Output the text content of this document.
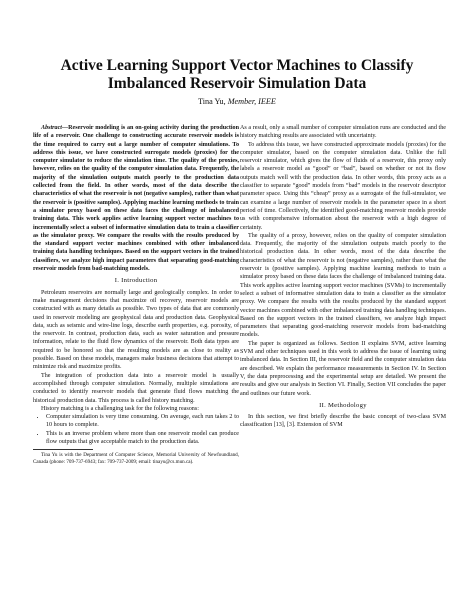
Active Learning Support Vector Machines to Classify Imbalanced Reservoir Simulation Data
Tina Yu, Member, IEEE

Abstract—Reservoir modeling is an on-going activity during the production life of a reservoir. One challenge to constructing accurate reservoir models is the time required to carry out a large number of computer simulations. To address this issue, we have constructed surrogate models (proxies) for the computer simulator to reduce the simulation time. The quality of the proxies, however, relies on the quality of the computer simulation data. Frequently, the majority of the simulation outputs match poorly to the production data collected from the field. In other words, most of the data describe the characteristics of what the reservoir is not (negative samples), rather than what the reservoir is (positive samples). Applying machine learning methods to train a simulator proxy based on these data faces the challenge of imbalanced training data. This work applies active learning support vector machines to incrementally select a subset of informative simulation data to train a classifier as the simulator proxy. We compare the results with the results produced by the standard support vector machines combined with other imbalanced training data handling techniques. Based on the support vectors in the trained classifiers, we analyze high impact parameters that separating good-matching reservoir models from bad-matching models.

I. Introduction

Petroleum reservoirs are normally large and geologically complex. In order to make management decisions that maximize oil recovery, reservoir models are constructed with as many details as possible. Two types of data that are commonly used in reservoir modeling are geophysical data and production data. Geophysical data, such as seismic and wire-line logs, describe earth properties, e.g. porosity, of the reservoir. In contrast, production data, such as water saturation and pressure information, relate to the fluid flow dynamics of the reservoir. Both data types are required to be honored so that the resulting models are as close to reality as possible. Based on these models, managers make business decisions that attempt to minimize risk and maximize profits.

The integration of production data into a reservoir model is usually accomplished through computer simulation. Normally, multiple simulations are conducted to identify reservoir models that generate fluid flows matching the historical production data. This process is called history matching.

History matching is a challenging task for the following reasons:

• Computer simulation is very time consuming. On average, each run takes 2 to 10 hours to complete.
• This is an inverse problem where more than one reservoir model can produce flow outputs that give acceptable match to the production data.

Tina Yu is with the Department of Computer Science, Memorial University of Newfoundland, Canada (phone: 709-737-6943; fax: 709-737-2009; email: tinayu@cs.mun.ca).

As a result, only a small number of computer simulation runs are conducted and the history matching results are associated with uncertainty.

To address this issue, we have constructed approximate models (proxies) for the computer simulator, based on the computer simulation data. Unlike the full reservoir simulator, which gives the flow of fluids of a reservoir, this proxy only labels a reservoir model as “good” or “bad”, based on whether or not its flow outputs match well with the production data. In other words, this proxy acts as a classifier to separate “good” models from “bad” models in the reservoir descriptor parameter space. Using this “cheap” proxy as a surrogate of the full-simulator, we can examine a large number of reservoir models in the parameter space in a short period of time. Collectively, the identified good-matching reservoir models provide us with comprehensive information about the reservoir with a high degree of certainty.

The quality of a proxy, however, relies on the quality of computer simulation data. Frequently, the majority of the simulation outputs match poorly to the historical production data. In other words, most of the data describe the characteristics of what the reservoir is not (negative samples), rather than what the reservoir is (positive samples). Applying machine learning methods to train a simulator proxy based on these data faces the challenge of imbalanced training data. This work applies active learning support vector machines (SVMs) to incrementally select a subset of informative simulation data to train a classifier as the simulator proxy. We compare the results with the results produced by the standard support vector machines combined with other imbalanced training data handling techniques. Based on the support vectors in the trained classifiers, we analyze high impact parameters that separating good-matching reservoir models from bad-matching models.

The paper is organized as follows. Section II explains SVM, active learning SVM and other techniques used in this work to address the issue of learning using imbalanced data. In Section III, the reservoir field and the computer simulation data are described. We explain the performance measurements in Section IV. In Section V, the data preprocessing and the experimental setup are detailed. We present the results and give our analysis in Section VI. Finally, Section VII concludes the paper and outlines our future work.

II. Methodology

In this section, we first briefly describe the basic concept of two-class SVM classification [13], [3]. Extension of SVM
